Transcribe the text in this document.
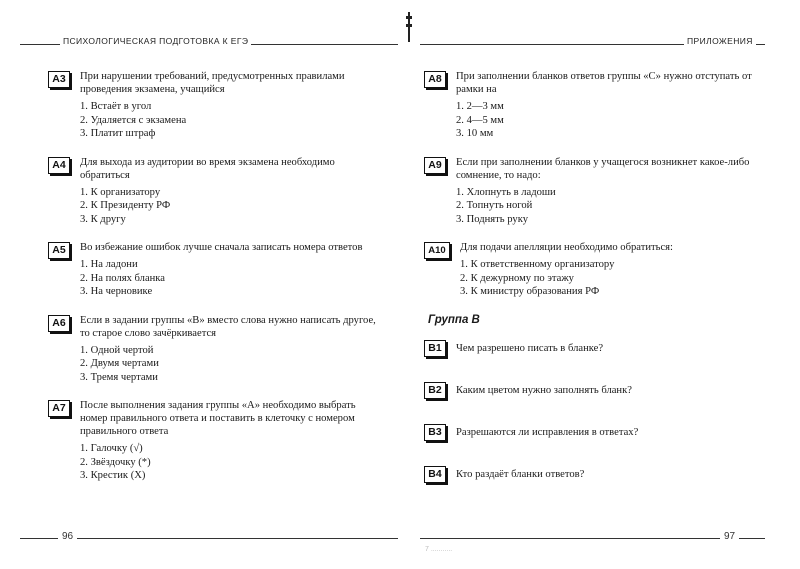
ПСИХОЛОГИЧЕСКАЯ ПОДГОТОВКА К ЕГЭ	ПРИЛОЖЕНИЯ
A3	При нарушении требований, предусмотренных правилами проведения экзамена, учащийся

1. Встаёт в угол
2. Удаляется с экзамена
3. Платит штраф
A4	Для выхода из аудитории во время экзамена необходимо обратиться

1. К организатору
2. К Президенту РФ
3. К другу
A5	Во избежание ошибок лучше сначала записать номера ответов

1. На ладони
2. На полях бланка
3. На черновике
A6	Если в задании группы «В» вместо слова нужно написать другое, то старое слово зачёркивается

1. Одной чертой
2. Двумя чертами
3. Тремя чертами
A7	После выполнения задания группы «А» необходимо выбрать номер правильного ответа и поставить в клеточку с номером правильного ответа

1. Галочку (√)
2. Звёздочку (*)
3. Крестик (X)
A8	При заполнении бланков ответов группы «С» нужно отступать от рамки на

1. 2—3 мм
2. 4—5 мм
3. 10 мм
A9	Если при заполнении бланков у учащегося возникнет какое-либо сомнение, то надо:

1. Хлопнуть в ладоши
2. Топнуть ногой
3. Поднять руку
A10	Для подачи апелляции необходимо обратиться:

1. К ответственному организатору
2. К дежурному по этажу
3. К министру образования РФ
Группа В
B1	Чем разрешено писать в бланке?

B2	Каким цветом нужно заполнять бланк?

B3	Разрешаются ли исправления в ответах?

B4	Кто раздаёт бланки ответов?

96	97
7 ...........
